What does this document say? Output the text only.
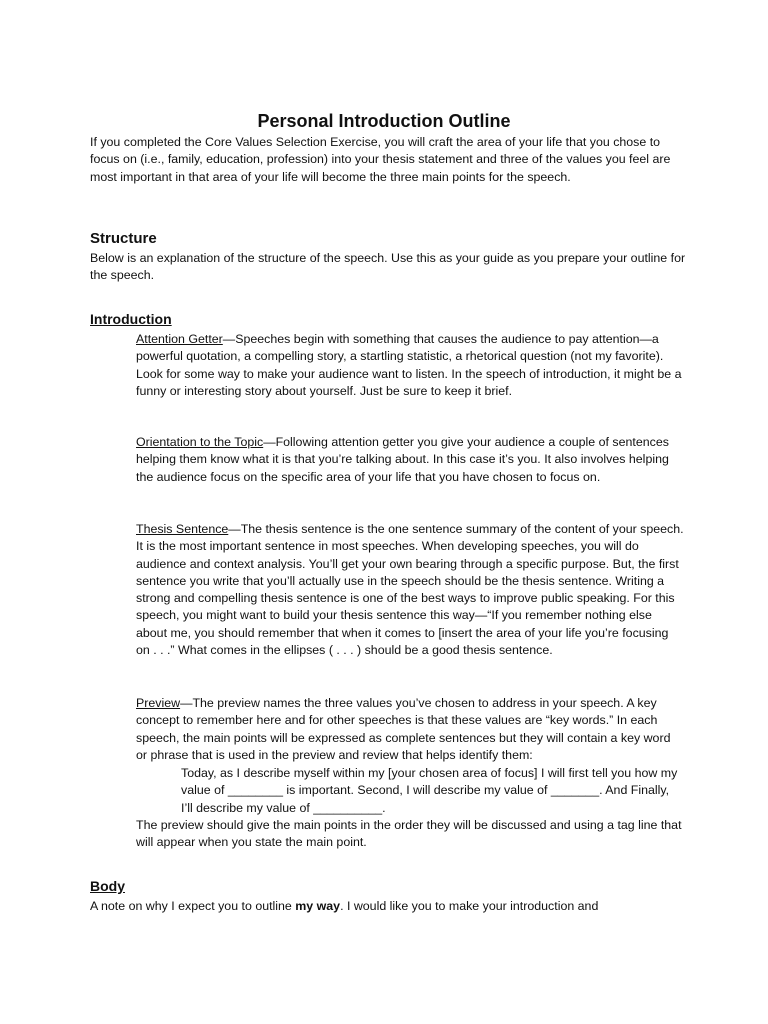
Personal Introduction Outline

If you completed the Core Values Selection Exercise, you will craft the area of your life that you chose to focus on (i.e., family, education, profession) into your thesis statement and three of the values you feel are most important in that area of your life will become the three main points for the speech.

Structure

Below is an explanation of the structure of the speech. Use this as your guide as you prepare your outline for the speech.

Introduction

Attention Getter—Speeches begin with something that causes the audience to pay attention—a powerful quotation, a compelling story, a startling statistic, a rhetorical question (not my favorite). Look for some way to make your audience want to listen. In the speech of introduction, it might be a funny or interesting story about yourself. Just be sure to keep it brief.

Orientation to the Topic—Following attention getter you give your audience a couple of sentences helping them know what it is that you’re talking about. In this case it’s you. It also involves helping the audience focus on the specific area of your life that you have chosen to focus on.

Thesis Sentence—The thesis sentence is the one sentence summary of the content of your speech. It is the most important sentence in most speeches. When developing speeches, you will do audience and context analysis. You’ll get your own bearing through a specific purpose. But, the first sentence you write that you’ll actually use in the speech should be the thesis sentence. Writing a strong and compelling thesis sentence is one of the best ways to improve public speaking. For this speech, you might want to build your thesis sentence this way—“If you remember nothing else about me, you should remember that when it comes to [insert the area of your life you’re focusing on . . .” What comes in the ellipses ( . . . ) should be a good thesis sentence.

Preview—The preview names the three values you’ve chosen to address in your speech. A key concept to remember here and for other speeches is that these values are “key words.” In each speech, the main points will be expressed as complete sentences but they will contain a key word or phrase that is used in the preview and review that helps identify them:

Today, as I describe myself within my [your chosen area of focus] I will first tell you how my value of ________ is important. Second, I will describe my value of _______. And Finally, I’ll describe my value of __________.

The preview should give the main points in the order they will be discussed and using a tag line that will appear when you state the main point.

Body

A note on why I expect you to outline my way. I would like you to make your introduction and
